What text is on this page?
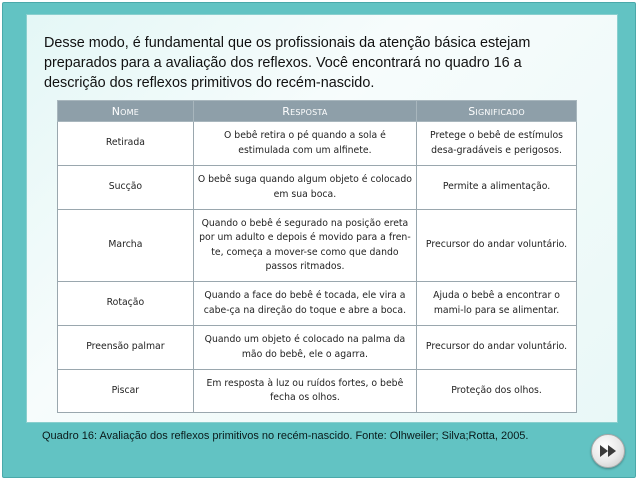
Desse modo, é fundamental que os profissionais da atenção básica estejam preparados para a avaliação dos reflexos. Você encontrará no quadro 16 a descrição dos reflexos primitivos do recém-nascido.

Nome	Resposta	Significado
Retirada	O bebê retira o pé quando a sola é estimulada com um alfinete.	Pretege o bebê de estímulos desa-gradáveis e perigosos.
Sucção	O bebê suga quando algum objeto é colocado em sua boca.	Permite a alimentação.
Marcha	Quando o bebê é segurado na posição ereta por um adulto e depois é movido para a fren-te, começa a mover-se como que dando passos ritmados.	Precursor do andar voluntário.
Rotação	Quando a face do bebê é tocada, ele vira a cabe-ça na direção do toque e abre a boca.	Ajuda o bebê a encontrar o mami-lo para se alimentar.
Preensão palmar	Quando um objeto é colocado na palma da mão do bebê, ele o agarra.	Precursor do andar voluntário.
Piscar	Em resposta à luz ou ruídos fortes, o bebê fecha os olhos.	Proteção dos olhos.

Quadro 16: Avaliação dos reflexos primitivos no recém-nascido. Fonte: Olhweiler; Silva;Rotta, 2005.
